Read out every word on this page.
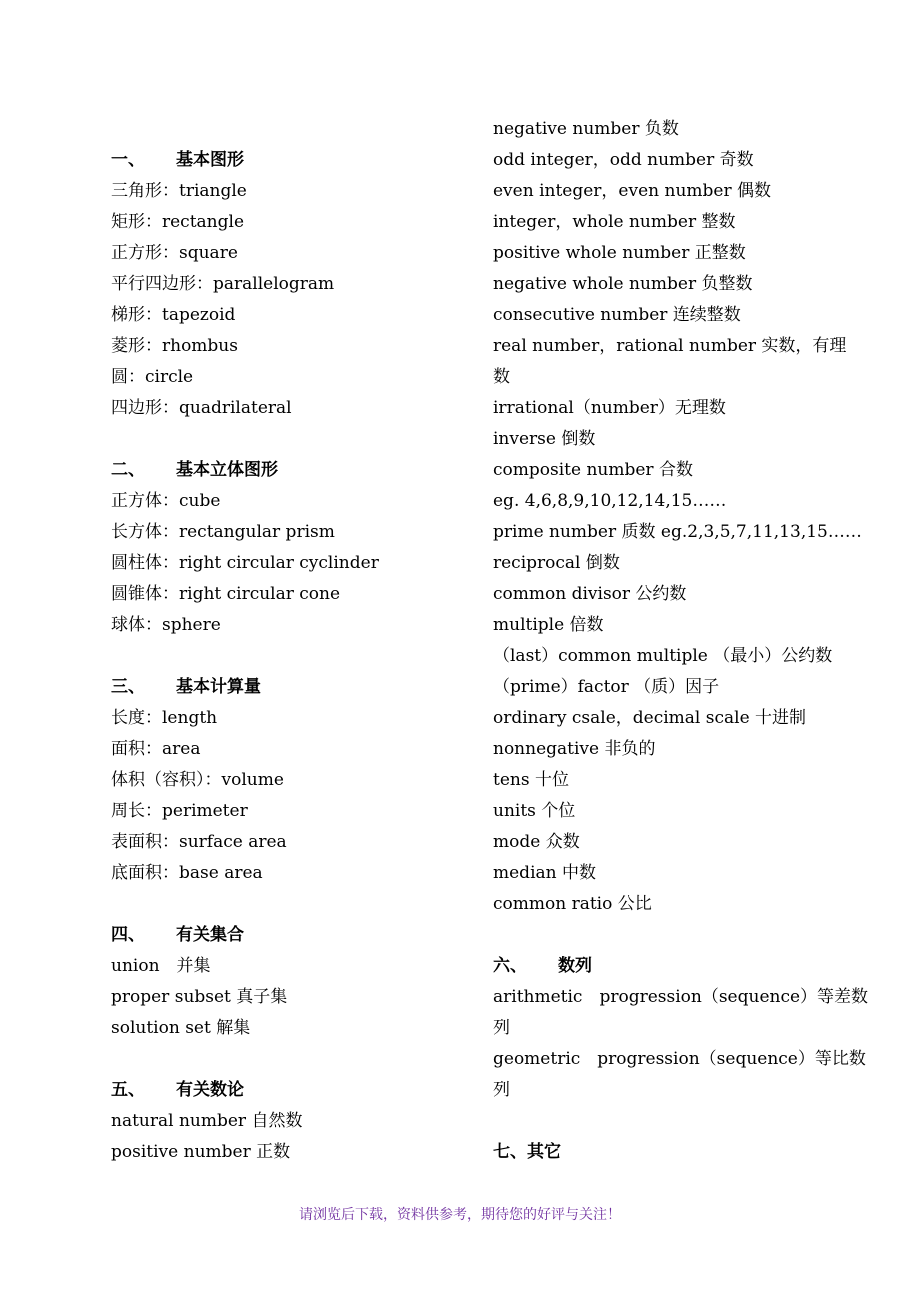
一、 基本图形
三角形：triangle
矩形：rectangle
正方形：square
平行四边形：parallelogram
梯形：tapezoid
菱形：rhombus
圆：circle
四边形：quadrilateral
二、 基本立体图形
正方体：cube
长方体：rectangular prism
圆柱体：right circular cyclinder
圆锥体：right circular cone
球体：sphere
三、 基本计算量
长度：length
面积：area
体积（容积）：volume
周长：perimeter
表面积：surface area
底面积：base area
四、 有关集合
union　并集
proper subset 真子集
solution set 解集
五、 有关数论
natural number 自然数
positive number 正数
negative number 负数
odd integer，odd number 奇数
even integer，even number 偶数
integer，whole number 整数
positive whole number 正整数
negative whole number 负整数
consecutive number 连续整数
real number，rational number 实数，有理
数
irrational（number）无理数
inverse 倒数
composite number 合数
eg. 4,6,8,9,10,12,14,15……
prime number 质数 eg.2,3,5,7,11,13,15……
reciprocal 倒数
common divisor 公约数
multiple 倍数
（last）common multiple （最小）公约数
（prime）factor （质）因子
ordinary csale，decimal scale 十进制
nonnegative 非负的
tens 十位
units 个位
mode 众数
median 中数
common ratio 公比
六、 数列
arithmetic　progression（sequence）等差数
列
geometric　progression（sequence）等比数
列
七、其它
请浏览后下载，资料供参考，期待您的好评与关注！
